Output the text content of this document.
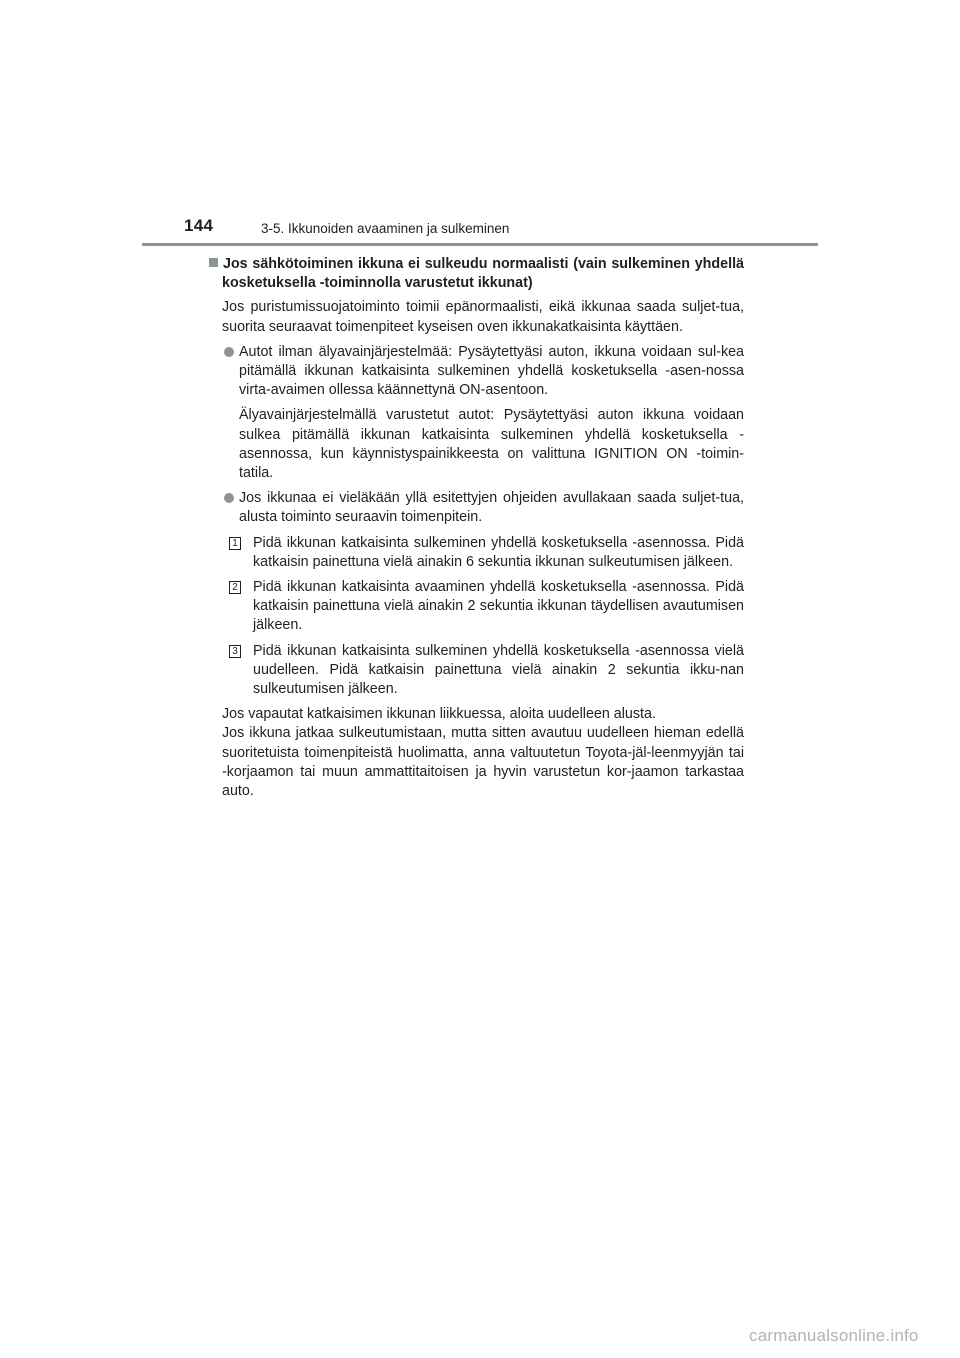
144	3-5. Ikkunoiden avaaminen ja sulkeminen

Jos sähkötoiminen ikkuna ei sulkeudu normaalisti (vain sulkeminen yhdellä kosketuksella -toiminnolla varustetut ikkunat)

Jos puristumissuojatoiminto toimii epänormaalisti, eikä ikkunaa saada suljet-tua, suorita seuraavat toimenpiteet kyseisen oven ikkunakatkaisinta käyttäen.

Autot ilman älyavainjärjestelmää: Pysäytettyäsi auton, ikkuna voidaan sul-kea pitämällä ikkunan katkaisinta sulkeminen yhdellä kosketuksella -asen-nossa virta-avaimen ollessa käännettynä ON-asentoon.

Älyavainjärjestelmällä varustetut autot: Pysäytettyäsi auton ikkuna voidaan sulkea pitämällä ikkunan katkaisinta sulkeminen yhdellä kosketuksella -asennossa, kun käynnistyspainikkeesta on valittuna IGNITION ON -toimin-tatila.

Jos ikkunaa ei vieläkään yllä esitettyjen ohjeiden avullakaan saada suljet-tua, alusta toiminto seuraavin toimenpitein.

1 Pidä ikkunan katkaisinta sulkeminen yhdellä kosketuksella -asennossa. Pidä katkaisin painettuna vielä ainakin 6 sekuntia ikkunan sulkeutumisen jälkeen.

2 Pidä ikkunan katkaisinta avaaminen yhdellä kosketuksella -asennossa. Pidä katkaisin painettuna vielä ainakin 2 sekuntia ikkunan täydellisen avautumisen jälkeen.

3 Pidä ikkunan katkaisinta sulkeminen yhdellä kosketuksella -asennossa vielä uudelleen. Pidä katkaisin painettuna vielä ainakin 2 sekuntia ikku-nan sulkeutumisen jälkeen.

Jos vapautat katkaisimen ikkunan liikkuessa, aloita uudelleen alusta.

Jos ikkuna jatkaa sulkeutumistaan, mutta sitten avautuu uudelleen hieman edellä suoritetuista toimenpiteistä huolimatta, anna valtuutetun Toyota-jäl-leenmyyjän tai -korjaamon tai muun ammattitaitoisen ja hyvin varustetun kor-jaamon tarkastaa auto.

carmanualsonline.info
